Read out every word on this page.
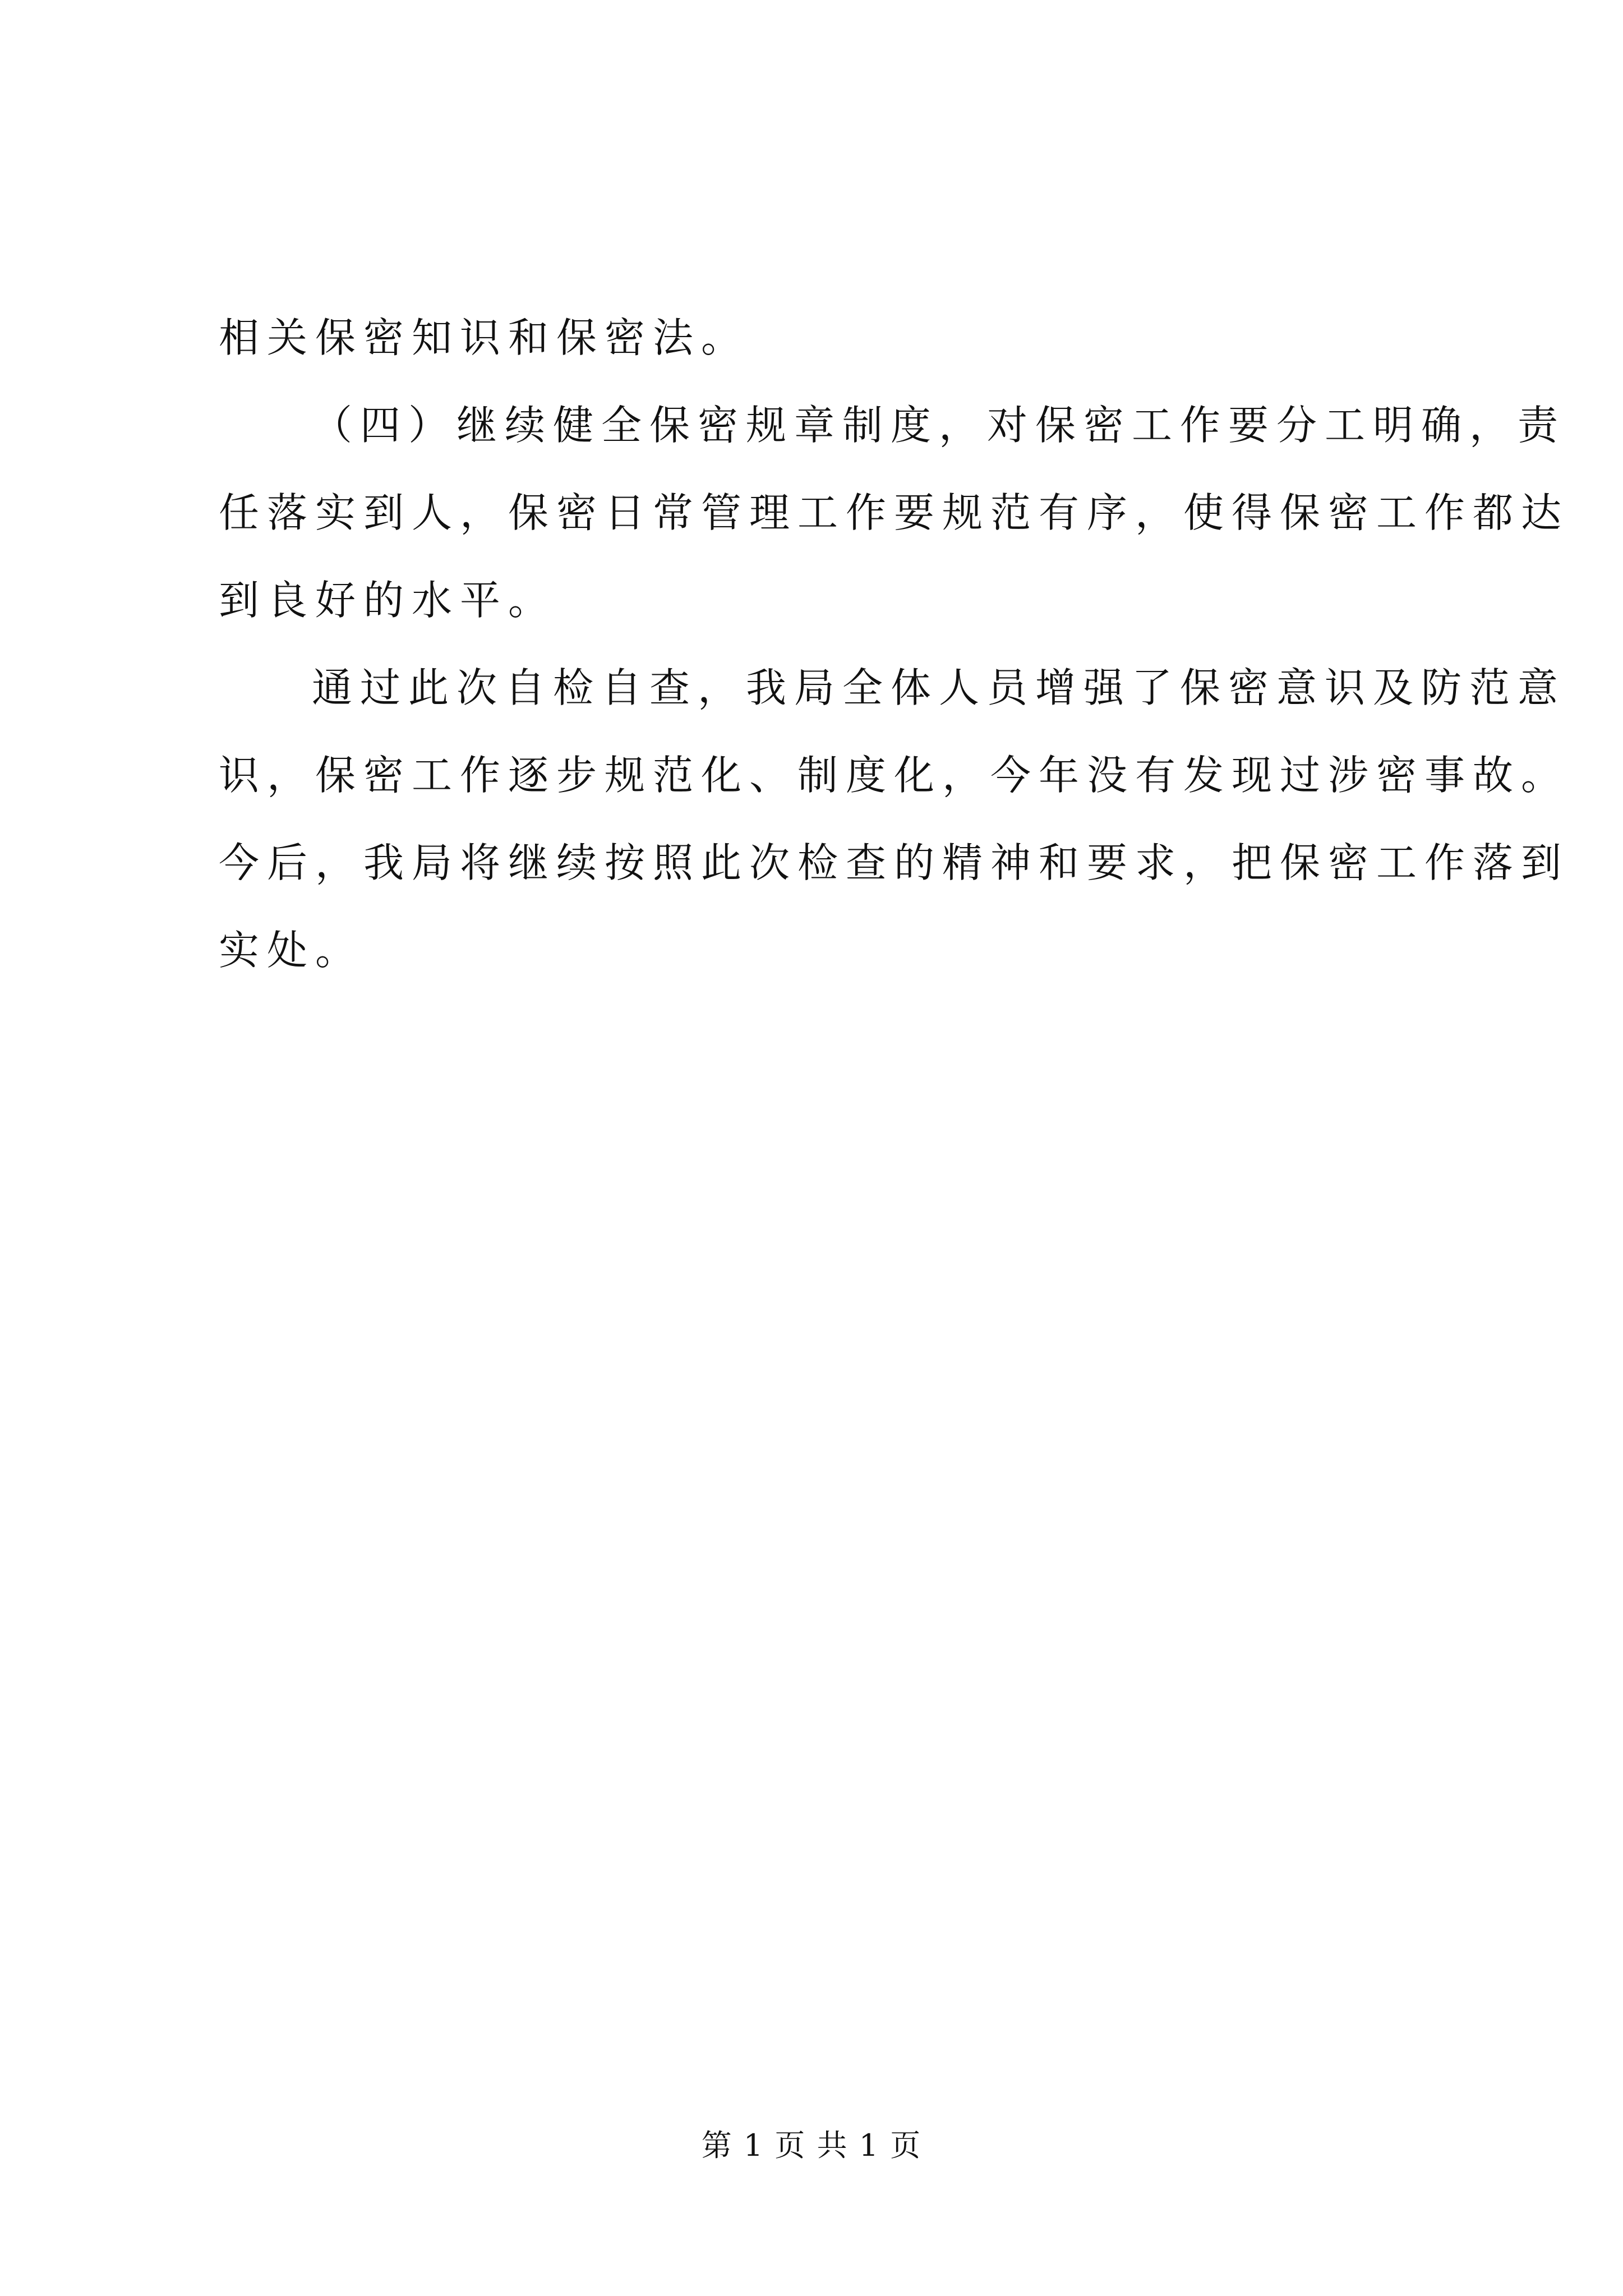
相关保密知识和保密法。
（四）继续健全保密规章制度，对保密工作要分工明确，责
任落实到人，保密日常管理工作要规范有序，使得保密工作都达
到良好的水平。
通过此次自检自查，我局全体人员增强了保密意识及防范意
识，保密工作逐步规范化、制度化，今年没有发现过涉密事故。
今后，我局将继续按照此次检查的精神和要求，把保密工作落到
实处。
第 1 页 共 1 页
